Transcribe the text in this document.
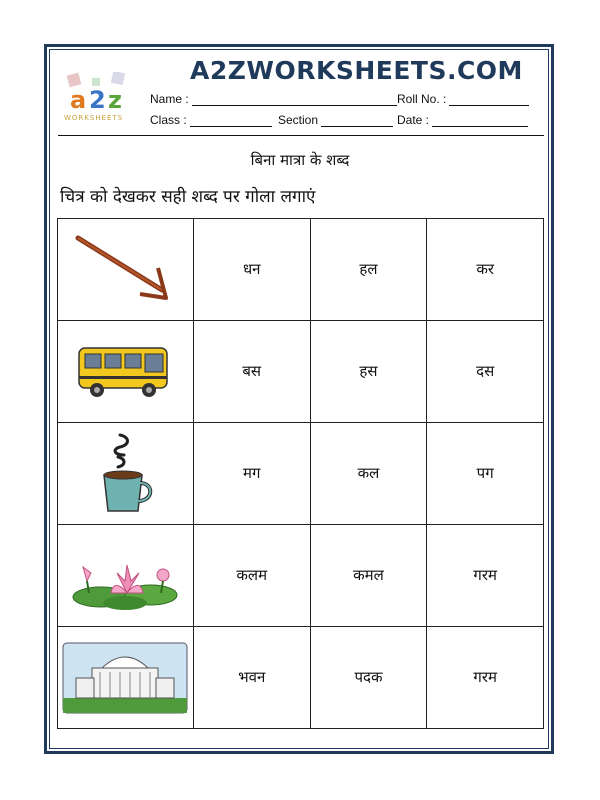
a 2 z
WORKSHEETS
A2ZWORKSHEETS.COM
Name :	Roll No. :
Class :	Section	Date :
बिना मात्रा के शब्द
चित्र को देखकर सही शब्द पर गोला लगाएं
	धन	हल	कर

	बस	हस	दस

	मग	कल	पग

	कलम	कमल	गरम

	भवन	पदक	गरम
